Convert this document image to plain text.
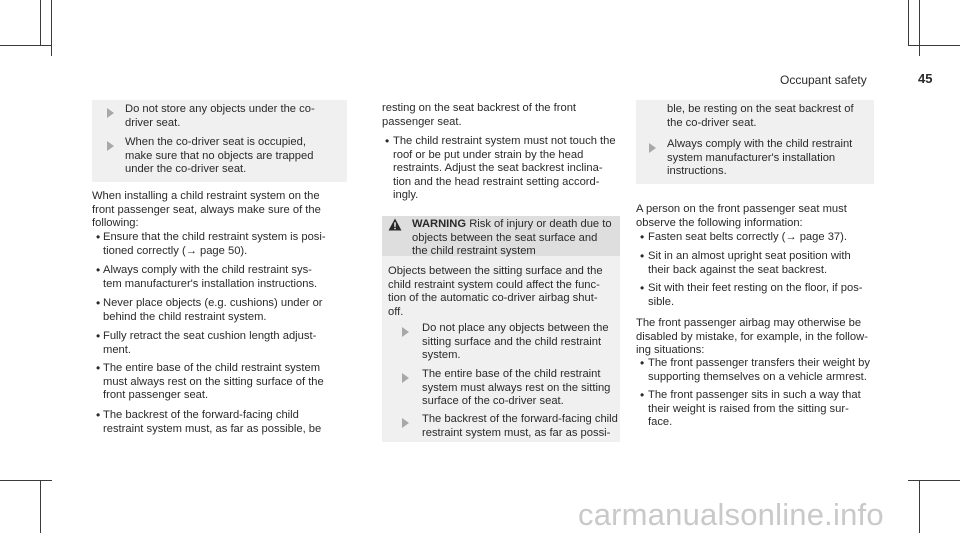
Occupant safety	45
Do not store any objects under the co-
driver seat.
When the co-driver seat is occupied,
make sure that no objects are trapped
under the co-driver seat.
When installing a child restraint system on the
front passenger seat, always make sure of the
following:
• Ensure that the child restraint system is posi-
tioned correctly (→ page 50).
• Always comply with the child restraint sys-
tem manufacturer's installation instructions.
• Never place objects (e.g. cushions) under or
behind the child restraint system.
• Fully retract the seat cushion length adjust-
ment.
• The entire base of the child restraint system
must always rest on the sitting surface of the
front passenger seat.
• The backrest of the forward-facing child
restraint system must, as far as possible, be
resting on the seat backrest of the front
passenger seat.
• The child restraint system must not touch the
roof or be put under strain by the head
restraints. Adjust the seat backrest inclina-
tion and the head restraint setting accord-
ingly.
WARNING Risk of injury or death due to
objects between the seat surface and
the child restraint system
Objects between the sitting surface and the
child restraint system could affect the func-
tion of the automatic co-driver airbag shut-
off.
Do not place any objects between the
sitting surface and the child restraint
system.
The entire base of the child restraint
system must always rest on the sitting
surface of the co-driver seat.
The backrest of the forward-facing child
restraint system must, as far as possi-
ble, be resting on the seat backrest of
the co-driver seat.
Always comply with the child restraint
system manufacturer's installation
instructions.
A person on the front passenger seat must
observe the following information:
• Fasten seat belts correctly (→ page 37).
• Sit in an almost upright seat position with
their back against the seat backrest.
• Sit with their feet resting on the floor, if pos-
sible.
The front passenger airbag may otherwise be
disabled by mistake, for example, in the follow-
ing situations:
• The front passenger transfers their weight by
supporting themselves on a vehicle armrest.
• The front passenger sits in such a way that
their weight is raised from the sitting sur-
face.
carmanualsonline.info
